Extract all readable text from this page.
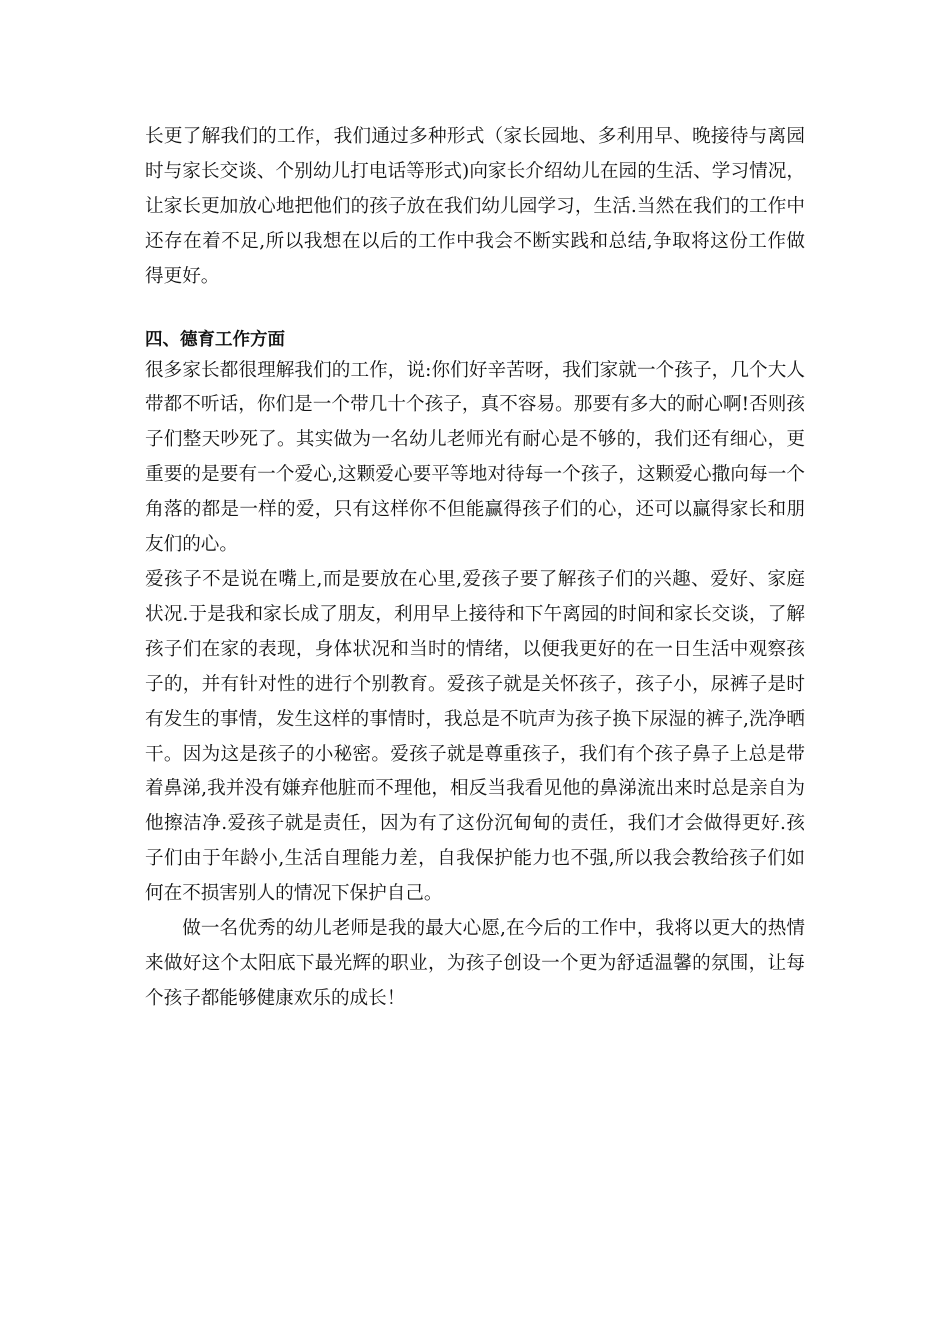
长更了解我们的工作，我们通过多种形式（家长园地、多利用早、晚接待与离园时与家长交谈、个别幼儿打电话等形式)向家长介绍幼儿在园的生活、学习情况，让家长更加放心地把他们的孩子放在我们幼儿园学习，生活.当然在我们的工作中还存在着不足,所以我想在以后的工作中我会不断实践和总结,争取将这份工作做得更好。

四、德育工作方面

很多家长都很理解我们的工作，说:你们好辛苦呀，我们家就一个孩子，几个大人带都不听话，你们是一个带几十个孩子，真不容易。那要有多大的耐心啊!否则孩子们整天吵死了。其实做为一名幼儿老师光有耐心是不够的，我们还有细心，更重要的是要有一个爱心,这颗爱心要平等地对待每一个孩子，这颗爱心撒向每一个角落的都是一样的爱，只有这样你不但能赢得孩子们的心，还可以赢得家长和朋友们的心。

爱孩子不是说在嘴上,而是要放在心里,爱孩子要了解孩子们的兴趣、爱好、家庭状况.于是我和家长成了朋友，利用早上接待和下午离园的时间和家长交谈，了解孩子们在家的表现，身体状况和当时的情绪，以便我更好的在一日生活中观察孩子的，并有针对性的进行个别教育。爱孩子就是关怀孩子，孩子小，尿裤子是时有发生的事情，发生这样的事情时，我总是不吭声为孩子换下尿湿的裤子,洗净晒干。因为这是孩子的小秘密。爱孩子就是尊重孩子，我们有个孩子鼻子上总是带着鼻涕,我并没有嫌弃他脏而不理他，相反当我看见他的鼻涕流出来时总是亲自为他擦洁净.爱孩子就是责任，因为有了这份沉甸甸的责任，我们才会做得更好.孩子们由于年龄小,生活自理能力差，自我保护能力也不强,所以我会教给孩子们如何在不损害别人的情况下保护自己。

做一名优秀的幼儿老师是我的最大心愿,在今后的工作中，我将以更大的热情来做好这个太阳底下最光辉的职业，为孩子创设一个更为舒适温馨的氛围，让每个孩子都能够健康欢乐的成长！
